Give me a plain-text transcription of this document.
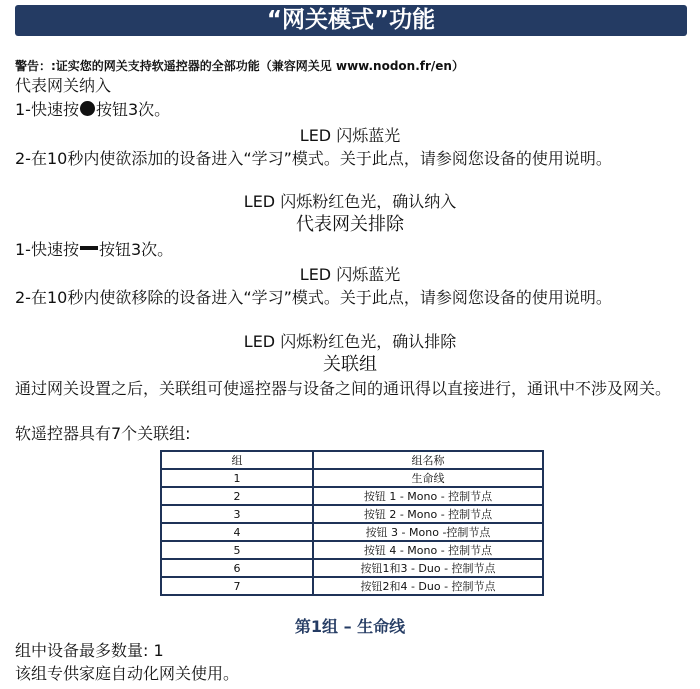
“网关模式”功能
警告：:证实您的网关支持软遥控器的全部功能（兼容网关见 www.nodon.fr/en）
代表网关纳入
1-快速按 按钮3次。
LED 闪烁蓝光
2-在10秒内使欲添加的设备进入“学习”模式。关于此点，请参阅您设备的使用说明。
LED 闪烁粉红色光，确认纳入
代表网关排除
1-快速按 按钮3次。
LED 闪烁蓝光
2-在10秒内使欲移除的设备进入“学习”模式。关于此点，请参阅您设备的使用说明。
LED 闪烁粉红色光，确认排除
关联组
通过网关设置之后，关联组可使遥控器与设备之间的通讯得以直接进行，通讯中不涉及网关。
软遥控器具有7个关联组:
组	组名称
1	生命线
2	按钮 1 - Mono - 控制节点
3	按钮 2 - Mono - 控制节点
4	按钮 3 - Mono -控制节点
5	按钮 4 - Mono - 控制节点
6	按钮1和3 - Duo - 控制节点
7	按钮2和4 - Duo - 控制节点
第1组 – 生命线
组中设备最多数量: 1
该组专供家庭自动化网关使用。
